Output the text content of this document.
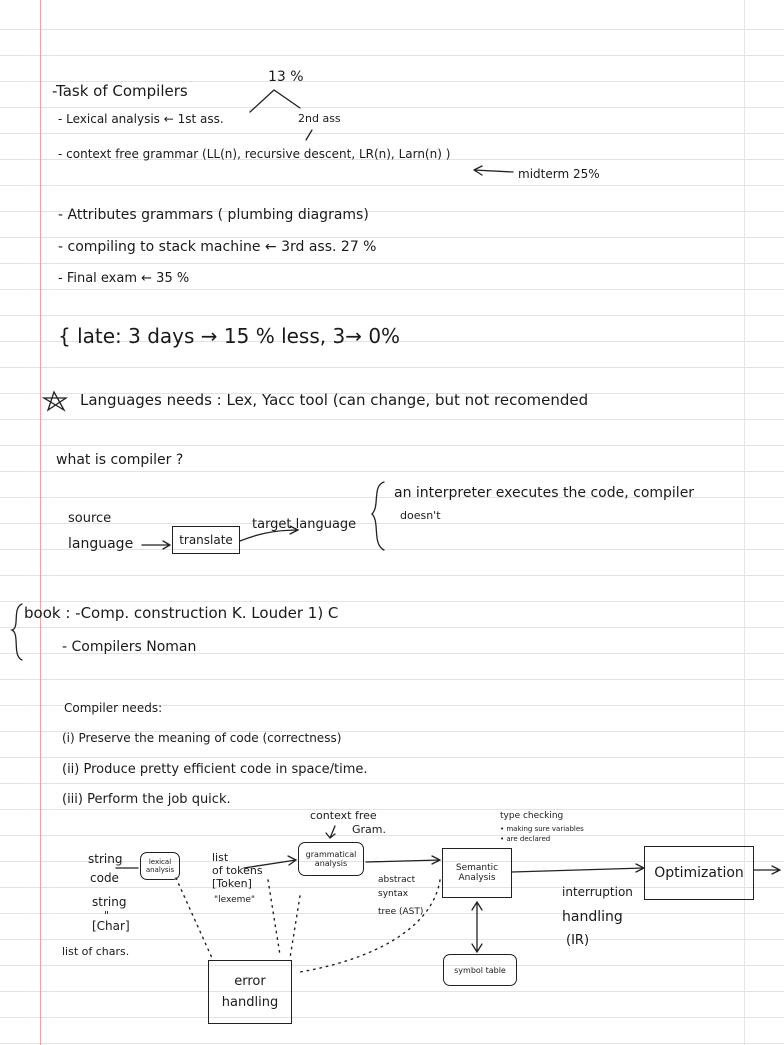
-Task of Compilers
13 %
- Lexical analysis ← 1st ass.	2nd ass
- context free grammar (LL(n), recursive descent, LR(n), Larn(n) )
midterm 25%
- Attributes grammars ( plumbing diagrams)
- compiling to stack machine ← 3rd ass. 27 %
- Final exam ← 35 %
{ late: 3 days → 15 % less, 3→ 0%
Languages needs : Lex, Yacc tool (can change, but not recomended
what is compiler ?
source
language	translate
target language
an interpreter executes the code, compiler
doesn't
book : -Comp. construction K. Louder 1) C
- Compilers Noman
Compiler needs:
(i) Preserve the meaning of code (correctness)
(ii) Produce pretty efficient code in space/time.
(iii) Perform the job quick.
string
code
string
"
[Char]
list of chars.
lexical
analysis
list
of tokens
[Token]
"lexeme"
context free
Gram.
grammatical
analysis
abstract
syntax
tree (AST)
type checking
• making sure variables
• are declared
Semantic
Analysis
interruption
handling
(IR)
Optimization
error
handling
symbol table
